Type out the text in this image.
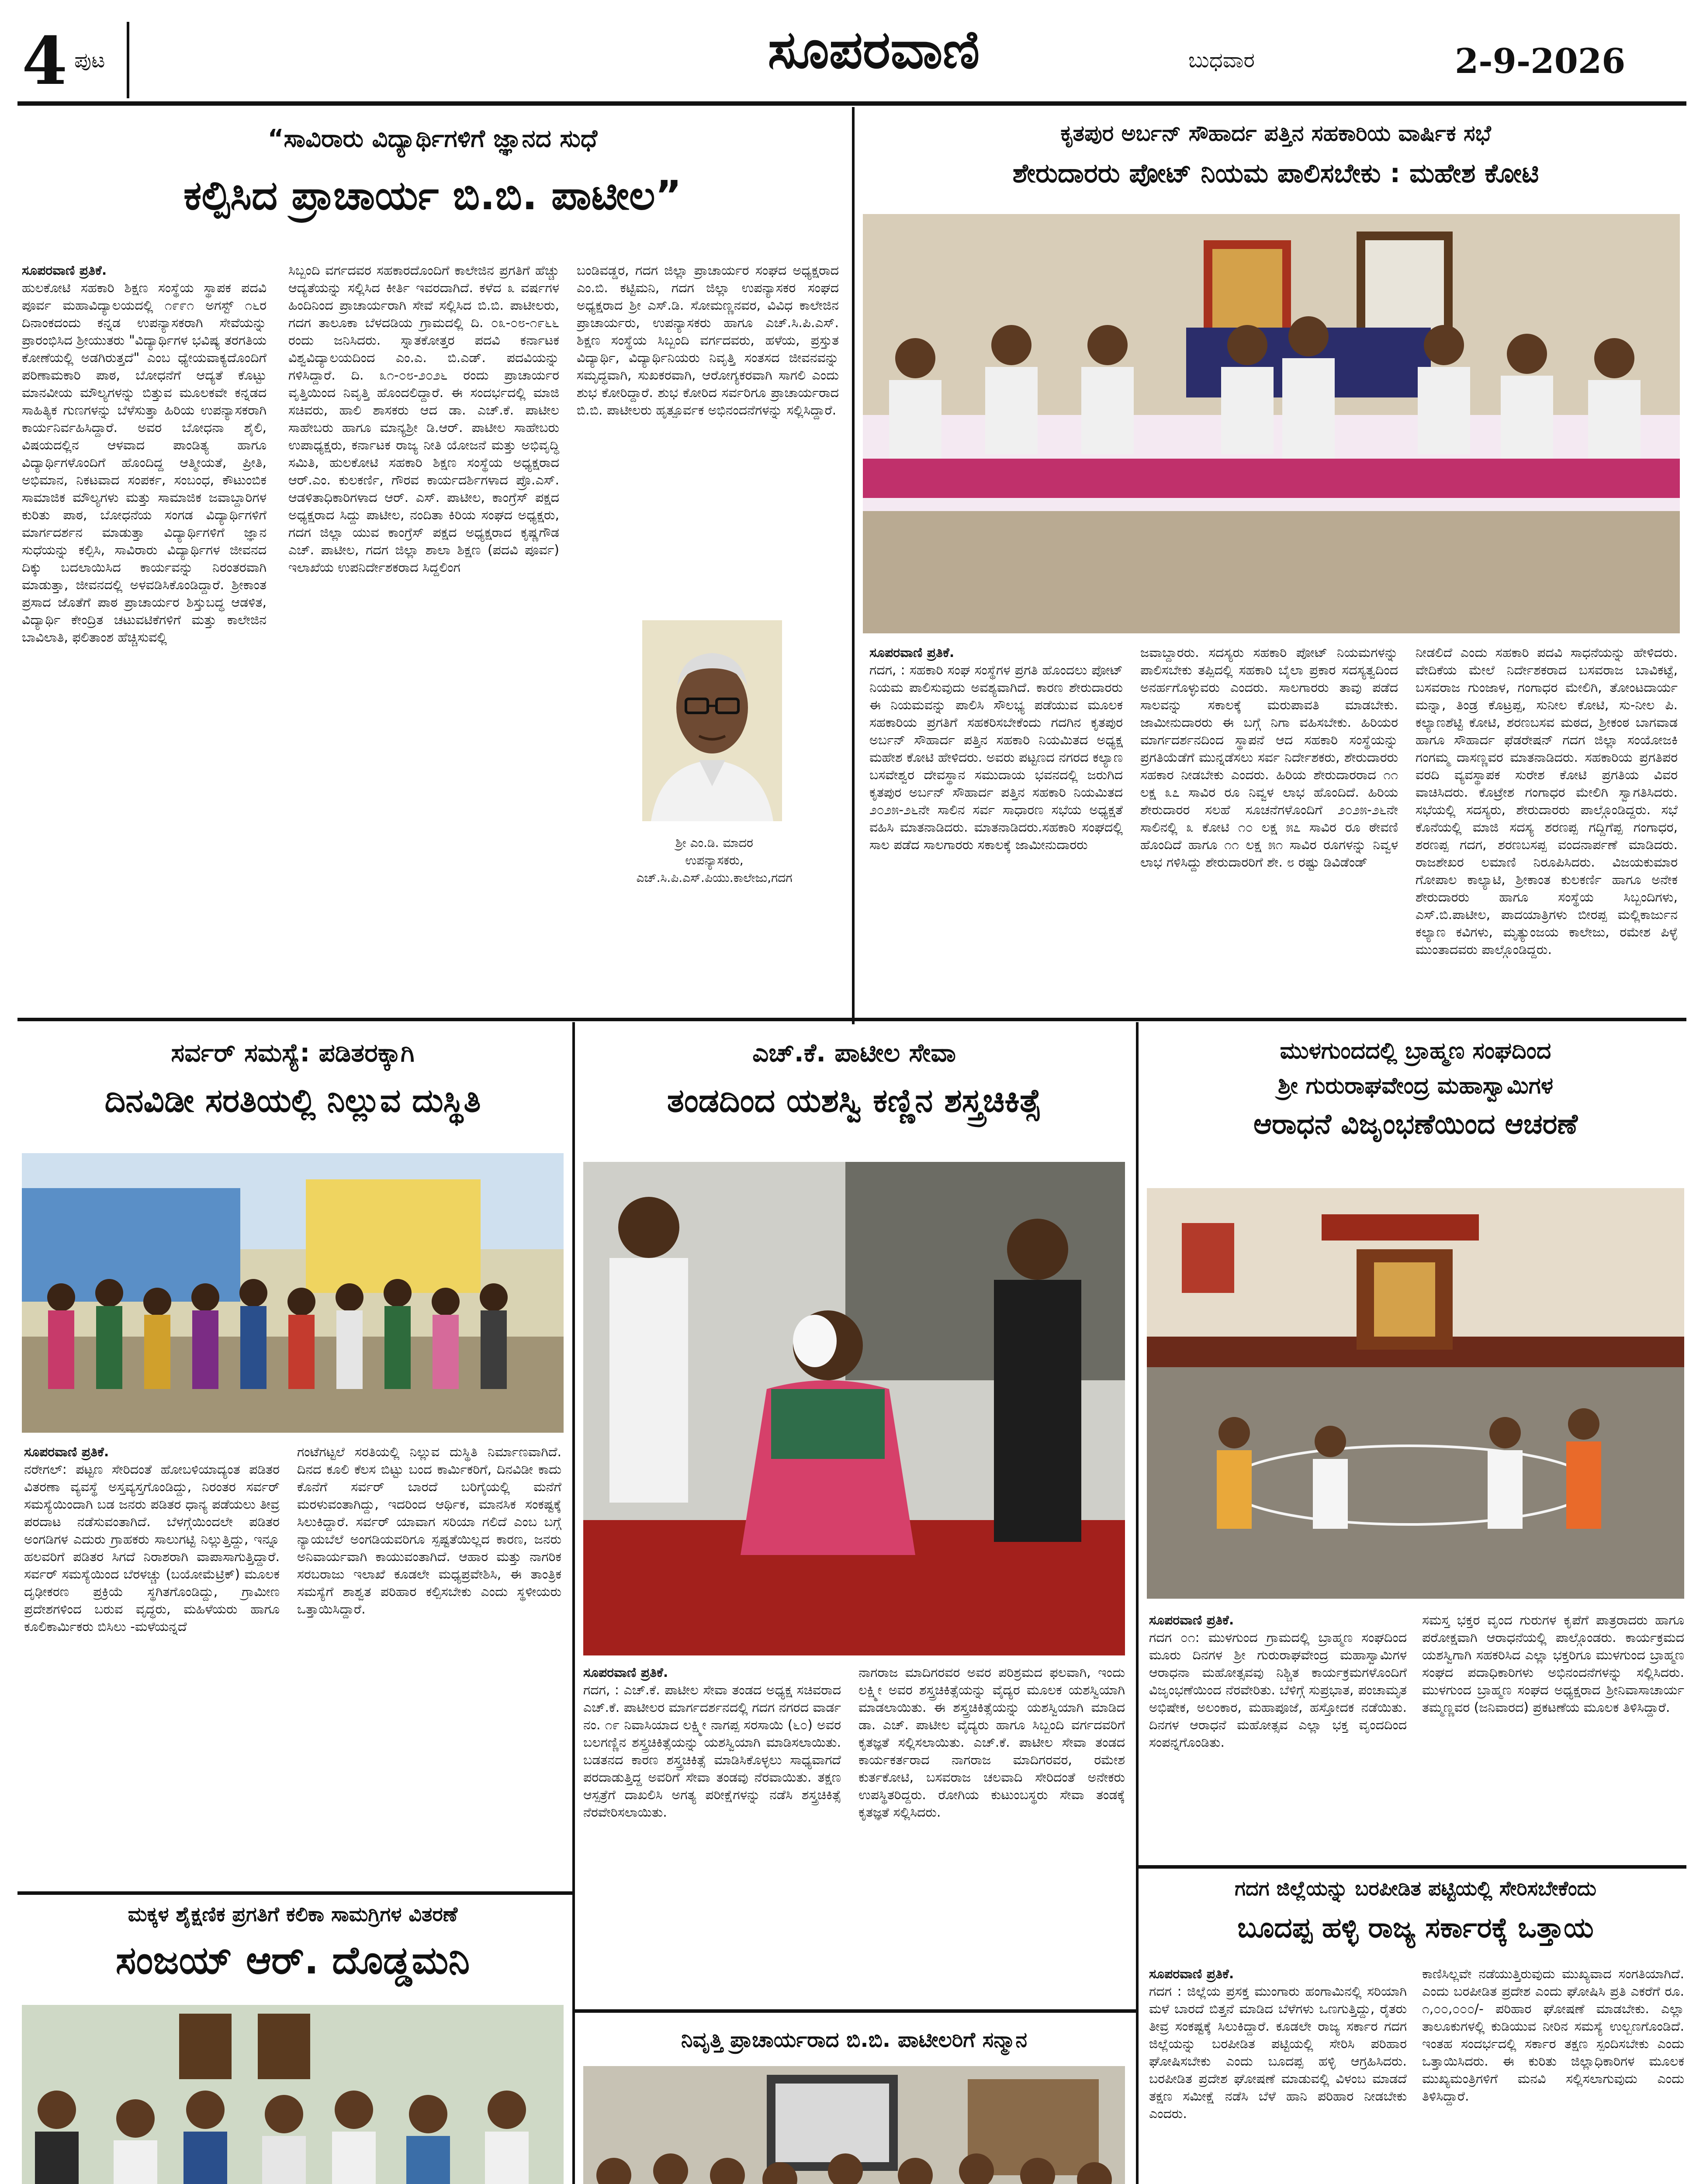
4 ಪುಟ	ಸೂಪರವಾಣಿ	ಬುಧವಾರ	2-9-2026
“ಸಾವಿರಾರು ವಿದ್ಯಾರ್ಥಿಗಳಿಗೆ ಜ್ಞಾನದ ಸುಧೆ
ಕಲ್ಪಿಸಿದ ಪ್ರಾಚಾರ್ಯ ಬಿ.ಬಿ. ಪಾಟೀಲ”
ಸೂಪರವಾಣಿ ಪ್ರತಿಕೆ.
ಹುಲಕೋಟಿ ಸಹಕಾರಿ ಶಿಕ್ಷಣ ಸಂಸ್ಥೆಯ ಸ್ಥಾಪಕ ಪದವಿ ಪೂರ್ವ ಮಹಾವಿದ್ಯಾಲಯದಲ್ಲಿ ೧೯೯೧ ಅಗಸ್ಟ್ ೧೬ರ ದಿನಾಂಕದಂದು ಕನ್ನಡ ಉಪನ್ಯಾಸಕರಾಗಿ ಸೇವೆಯನ್ನು ಪ್ರಾರಂಭಿಸಿದ ಶ್ರೀಯುತರು "ವಿದ್ಯಾರ್ಥಿಗಳ ಭವಿಷ್ಯ ತರಗತಿಯ ಕೋಣೆಯಲ್ಲಿ ಅಡಗಿರುತ್ತದೆ" ಎಂಬ ಧ್ಯೇಯವಾಕ್ಯದೊಂದಿಗೆ ಪರಿಣಾಮಕಾರಿ ಪಾಠ, ಬೋಧನೆಗೆ ಆದ್ಯತೆ ಕೊಟ್ಟು ಮಾನವೀಯ ಮೌಲ್ಯಗಳನ್ನು ಬಿತ್ತುವ ಮೂಲಕವೇ ಕನ್ನಡದ ಸಾಹಿತ್ಯಿಕ ಗುಣಗಳನ್ನು ಬೆಳೆಸುತ್ತಾ ಹಿರಿಯ ಉಪನ್ಯಾಸಕರಾಗಿ ಕಾರ್ಯನಿರ್ವಹಿಸಿದ್ದಾರೆ. ಅವರ ಬೋಧನಾ ಶೈಲಿ, ವಿಷಯದಲ್ಲಿನ ಆಳವಾದ ಪಾಂಡಿತ್ಯ ಹಾಗೂ ವಿದ್ಯಾರ್ಥಿಗಳೊಂದಿಗೆ ಹೊಂದಿದ್ದ ಆತ್ಮೀಯತೆ, ಪ್ರೀತಿ, ಅಭಿಮಾನ, ನಿಕಟವಾದ ಸಂಪರ್ಕ, ಸಂಬಂಧ, ಕೌಟುಂಬಿಕ ಸಾಮಾಜಿಕ ಮೌಲ್ಯಗಳು ಮತ್ತು ಸಾಮಾಜಿಕ ಜವಾಬ್ದಾರಿಗಳ ಕುರಿತು ಪಾಠ, ಬೋಧನೆಯ ಸಂಗಡ ವಿದ್ಯಾರ್ಥಿಗಳಿಗೆ ಮಾರ್ಗದರ್ಶನ ಮಾಡುತ್ತಾ ವಿದ್ಯಾರ್ಥಿಗಳಿಗೆ ಜ್ಞಾನ ಸುಧೆಯನ್ನು ಕಲ್ಪಿಸಿ, ಸಾವಿರಾರು ವಿದ್ಯಾರ್ಥಿಗಳ ಜೀವನದ ದಿಕ್ಕು ಬದಲಾಯಿಸಿದ ಕಾರ್ಯವನ್ನು ನಿರಂತರವಾಗಿ ಮಾಡುತ್ತಾ, ಜೀವನದಲ್ಲಿ ಅಳವಡಿಸಿಕೊಂಡಿದ್ದಾರೆ. ಶ್ರೀಕಾಂತ ಪ್ರಸಾದ ಜೊತೆಗೆ ಪಾಠ ಪ್ರಾಚಾರ್ಯರ ಶಿಸ್ತುಬದ್ಧ ಆಡಳಿತ, ವಿದ್ಯಾರ್ಥಿ ಕೇಂದ್ರಿತ ಚಟುವಟಿಕೆಗಳಿಗೆ ಮತ್ತು ಕಾಲೇಜಿನ ಬಾವಿಲಾತಿ, ಫಲಿತಾಂಶ ಹೆಚ್ಚಿಸುವಲ್ಲಿ
ಸಿಬ್ಬಂದಿ ವರ್ಗದವರ ಸಹಕಾರದೊಂದಿಗೆ ಕಾಲೇಜಿನ ಪ್ರಗತಿಗೆ ಹೆಚ್ಚು ಆದ್ಯತೆಯನ್ನು ಸಲ್ಲಿಸಿದ ಕೀರ್ತಿ ಇವರದಾಗಿದೆ. ಕಳೆದ ೩ ವರ್ಷಗಳ ಹಿಂದಿನಿಂದ ಪ್ರಾಚಾರ್ಯರಾಗಿ ಸೇವೆ ಸಲ್ಲಿಸಿದ ಬಿ.ಬಿ. ಪಾಟೀಲರು, ಗದಗ ತಾಲೂಕಾ ಬೆಳದಡಿಯ ಗ್ರಾಮದಲ್ಲಿ ದಿ. ೦೩-೦೮-೧೯೬೬ ರಂದು ಜನಿಸಿದರು. ಸ್ನಾತಕೋತ್ತರ ಪದವಿ ಕರ್ನಾಟಕ ವಿಶ್ವವಿದ್ಯಾಲಯದಿಂದ ಎಂ.ಎ. ಬಿ.ಎಡ್. ಪದವಿಯನ್ನು ಗಳಿಸಿದ್ದಾರೆ. ದಿ. ೩೧-೦೮-೨೦೨೬ ರಂದು ಪ್ರಾಚಾರ್ಯರ ವೃತ್ತಿಯಿಂದ ನಿವೃತ್ತಿ ಹೊಂದಲಿದ್ದಾರೆ. ಈ ಸಂದರ್ಭದಲ್ಲಿ ಮಾಜಿ ಸಚಿವರು, ಹಾಲಿ ಶಾಸಕರು ಆದ ಡಾ. ಎಚ್.ಕೆ. ಪಾಟೀಲ ಸಾಹೇಬರು ಹಾಗೂ ಮಾನ್ಯಶ್ರೀ ಡಿ.ಆರ್. ಪಾಟೀಲ ಸಾಹೇಬರು ಉಪಾಧ್ಯಕ್ಷರು, ಕರ್ನಾಟಕ ರಾಜ್ಯ ನೀತಿ ಯೋಜನೆ ಮತ್ತು ಅಭಿವೃದ್ಧಿ ಸಮಿತಿ, ಹುಲಕೋಟಿ ಸಹಕಾರಿ ಶಿಕ್ಷಣ ಸಂಸ್ಥೆಯ ಅಧ್ಯಕ್ಷರಾದ ಆರ್.ಎಂ. ಕುಲಕರ್ಣಿ, ಗೌರವ ಕಾರ್ಯದರ್ಶಿಗಳಾದ ಪ್ರೊ.ಎಸ್. ಆಡಳಿತಾಧಿಕಾರಿಗಳಾದ ಆರ್. ಎಸ್. ಪಾಟೀಲ, ಕಾಂಗ್ರೆಸ್ ಪಕ್ಷದ ಅಧ್ಯಕ್ಷರಾದ ಸಿದ್ದು ಪಾಟೀಲ, ನಂದಿತಾ ಕಿರಿಯ ಸಂಘದ ಅಧ್ಯಕ್ಷರು, ಗದಗ ಜಿಲ್ಲಾ ಯುವ ಕಾಂಗ್ರೆಸ್ ಪಕ್ಷದ ಅಧ್ಯಕ್ಷರಾದ ಕೃಷ್ಣಗೌಡ ಎಚ್. ಪಾಟೀಲ, ಗದಗ ಜಿಲ್ಲಾ ಶಾಲಾ ಶಿಕ್ಷಣ (ಪದವಿ ಪೂರ್ವ) ಇಲಾಖೆಯ ಉಪನಿರ್ದೇಶಕರಾದ ಸಿದ್ದಲಿಂಗ
ಬಂಡಿವಡ್ಡರ, ಗದಗ ಜಿಲ್ಲಾ ಪ್ರಾಚಾರ್ಯರ ಸಂಘದ ಅಧ್ಯಕ್ಷರಾದ ಎಂ.ಬಿ. ಕಟ್ಟಿಮನಿ, ಗದಗ ಜಿಲ್ಲಾ ಉಪನ್ಯಾಸಕರ ಸಂಘದ ಅಧ್ಯಕ್ಷರಾದ ಶ್ರೀ ಎಸ್.ಡಿ. ಸೋಮಣ್ಣನವರ, ವಿವಿಧ ಕಾಲೇಜಿನ ಪ್ರಾಚಾರ್ಯರು, ಉಪನ್ಯಾಸಕರು ಹಾಗೂ ಎಚ್.ಸಿ.ಪಿ.ಎಸ್. ಶಿಕ್ಷಣ ಸಂಸ್ಥೆಯ ಸಿಬ್ಬಂದಿ ವರ್ಗದವರು, ಹಳೆಯ, ಪ್ರಸ್ತುತ ವಿದ್ಯಾರ್ಥಿ, ವಿದ್ಯಾರ್ಥಿನಿಯರು ನಿವೃತ್ತಿ ಸಂತಸದ ಜೀವನವನ್ನು ಸಮೃದ್ಧವಾಗಿ, ಸುಖಕರವಾಗಿ, ಆರೋಗ್ಯಕರವಾಗಿ ಸಾಗಲಿ ಎಂದು ಶುಭ ಕೋರಿದ್ದಾರೆ. ಶುಭ ಕೋರಿದ ಸರ್ವರಿಗೂ ಪ್ರಾಚಾರ್ಯರಾದ ಬಿ.ಬಿ. ಪಾಟೀಲರು ಹೃತ್ಪೂರ್ವಕ ಅಭಿನಂದನೆಗಳನ್ನು ಸಲ್ಲಿಸಿದ್ದಾರೆ.
ಶ್ರೀ ಎಂ.ಡಿ. ಮಾದರ
ಉಪನ್ಯಾಸಕರು,
ಎಚ್.ಸಿ.ಪಿ.ಎಸ್.ಪಿಯು.ಕಾಲೇಜು,ಗದಗ
ಕೃತಪುರ ಅರ್ಬನ್ ಸೌಹಾರ್ದ ಪತ್ತಿನ ಸಹಕಾರಿಯ ವಾರ್ಷಿಕ ಸಭೆ
ಶೇರುದಾರರು ಪೋಟ್ ನಿಯಮ ಪಾಲಿಸಬೇಕು : ಮಹೇಶ ಕೋಟಿ
ಸೂಪರವಾಣಿ ಪ್ರತಿಕೆ.
ಗದಗ, : ಸಹಕಾರಿ ಸಂಘ ಸಂಸ್ಥೆಗಳ ಪ್ರಗತಿ ಹೊಂದಲು ಪೋಟ್ ನಿಯಮ ಪಾಲಿಸುವುದು ಅವಶ್ಯವಾಗಿದೆ. ಕಾರಣ ಶೇರುದಾರರು ಈ ನಿಯಮವನ್ನು ಪಾಲಿಸಿ ಸೌಲಭ್ಯ ಪಡೆಯುವ ಮೂಲಕ ಸಹಕಾರಿಯ ಪ್ರಗತಿಗೆ ಸಹಕರಿಸಬೇಕೆಂದು ಗದಗಿನ ಕೃತಪುರ ಅರ್ಬನ್ ಸೌಹಾರ್ದ ಪತ್ತಿನ ಸಹಕಾರಿ ನಿಯಮಿತದ ಅಧ್ಯಕ್ಷ ಮಹೇಶ ಕೋಟಿ ಹೇಳಿದರು. ಅವರು ಪಟ್ಟಣದ ನಗರದ ಕಲ್ಯಾಣ ಬಸವೇಶ್ವರ ದೇವಸ್ಥಾನ ಸಮುದಾಯ ಭವನದಲ್ಲಿ ಜರುಗಿದ ಕೃತಪುರ ಅರ್ಬನ್ ಸೌಹಾರ್ದ ಪತ್ತಿನ ಸಹಕಾರಿ ನಿಯಮಿತದ ೨೦೨೫-೨೬ನೇ ಸಾಲಿನ ಸರ್ವ ಸಾಧಾರಣ ಸಭೆಯ ಅಧ್ಯಕ್ಷತೆ ವಹಿಸಿ ಮಾತನಾಡಿದರು. ಮಾತನಾಡಿದರು.ಸಹಕಾರಿ ಸಂಘದಲ್ಲಿ ಸಾಲ ಪಡೆದ ಸಾಲಗಾರರು ಸಕಾಲಕ್ಕೆ ಜಾಮೀನುದಾರರು
ಜವಾಬ್ದಾರರು. ಸದಸ್ಯರು ಸಹಕಾರಿ ಪೋಟ್ ನಿಯಮಗಳನ್ನು ಪಾಲಿಸಬೇಕು ತಪ್ಪಿದಲ್ಲಿ ಸಹಕಾರಿ ಬೈಲಾ ಪ್ರಕಾರ ಸದಸ್ಯತ್ವದಿಂದ ಅನರ್ಹಗೊಳ್ಳುವರು ಎಂದರು. ಸಾಲಗಾರರು ತಾವು ಪಡೆದ ಸಾಲವನ್ನು ಸಕಾಲಕ್ಕೆ ಮರುಪಾವತಿ ಮಾಡಬೇಕು. ಜಾಮೀನುದಾರರು ಈ ಬಗ್ಗೆ ನಿಗಾ ವಹಿಸಬೇಕು. ಹಿರಿಯರ ಮಾರ್ಗದರ್ಶನದಿಂದ ಸ್ಥಾಪನೆ ಆದ ಸಹಕಾರಿ ಸಂಸ್ಥೆಯನ್ನು ಪ್ರಗತಿಯೆಡೆಗೆ ಮುನ್ನಡೆಸಲು ಸರ್ವ ನಿರ್ದೇಶಕರು, ಶೇರುದಾರರು ಸಹಕಾರ ನೀಡಬೇಕು ಎಂದರು. ಹಿರಿಯ ಶೇರುದಾರರಾದ ೧೧ ಲಕ್ಷ ೩೭ ಸಾವಿರ ರೂ ನಿವ್ವಳ ಲಾಭ ಹೊಂದಿದೆ. ಹಿರಿಯ ಶೇರುದಾರರ ಸಲಹೆ ಸೂಚನೆಗಳೊಂದಿಗೆ ೨೦೨೫-೨೬ನೇ ಸಾಲಿನಲ್ಲಿ ೩ ಕೋಟಿ ೧೦ ಲಕ್ಷ ೫೭ ಸಾವಿರ ರೂ ಠೇವಣಿ ಹೊಂದಿದೆ ಹಾಗೂ ೧೧ ಲಕ್ಷ ೫೧ ಸಾವಿರ ರೂಗಳನ್ನು ನಿವ್ವಳ ಲಾಭ ಗಳಿಸಿದ್ದು ಶೇರುದಾರರಿಗೆ ಶೇ. ೮ ರಷ್ಟು ಡಿವಿಡೆಂಡ್
ನೀಡಲಿದೆ ಎಂದು ಸಹಕಾರಿ ಪದವಿ ಸಾಧನೆಯನ್ನು ಹೇಳಿದರು. ವೇದಿಕೆಯ ಮೇಲೆ ನಿರ್ದೇಶಕರಾದ ಬಸವರಾಜ ಬಾವಿಕಟ್ಟೆ, ಬಸವರಾಜ ಗುಂಜಾಳ, ಗಂಗಾಧರ ಮೇಲಿಗಿ, ತೋಂಟದಾರ್ಯ ಮನ್ನಾ, ತಿಂಡ್ರ ಕೊಟ್ರಪ್ಪ, ಸುನೀಲ ಕೋಟಿ, ಸು-ನೀಲ ಪಿ. ಕಲ್ಯಾಣಶೆಟ್ಟಿ ಕೋಟಿ, ಶರಣಬಸವ ಮಠದ, ಶ್ರೀಕಂಠ ಬಾಗವಾಡ ಹಾಗೂ ಸೌಹಾರ್ದ ಫೆಡರೇಷನ್ ಗದಗ ಜಿಲ್ಲಾ ಸಂಯೋಜಕಿ ಗಂಗಮ್ಮ ದಾಸಣ್ಣವರ ಮಾತನಾಡಿದರು. ಸಹಕಾರಿಯ ಪ್ರಗತಿಪರ ವರದಿ ವ್ಯವಸ್ಥಾಪಕ ಸುರೇಶ ಕೋಟಿ ಪ್ರಗತಿಯ ವಿವರ ವಾಚಿಸಿದರು. ಕೊಟ್ರೇಶ ಗಂಗಾಧರ ಮೇಲಿಗಿ ಸ್ವಾಗತಿಸಿದರು. ಸಭೆಯಲ್ಲಿ ಸದಸ್ಯರು, ಶೇರುದಾರರು ಪಾಲ್ಗೊಂಡಿದ್ದರು. ಸಭೆ ಕೊನೆಯಲ್ಲಿ ಮಾಜಿ ಸದಸ್ಯ ಶರಣಪ್ಪ ಗದ್ದಿಗೆಪ್ಪ ಗಂಗಾಧರ, ಶರಣಪ್ಪ ಗದಗ, ಶರಣಬಸಪ್ಪ ವಂದನಾರ್ಪಣೆ ಮಾಡಿದರು. ರಾಜಶೇಖರ ಲಮಾಣಿ ನಿರೂಪಿಸಿದರು. ವಿಜಯಕುಮಾರ ಗೋಪಾಲ ಕಾಲ್ಯಾಟಿ, ಶ್ರೀಕಾಂತ ಕುಲಕರ್ಣಿ ಹಾಗೂ ಅನೇಕ ಶೇರುದಾರರು ಹಾಗೂ ಸಂಸ್ಥೆಯ ಸಿಬ್ಬಂದಿಗಳು, ಎಸ್.ಬಿ.ಪಾಟೀಲ, ಪಾದಯಾತ್ರಿಗಳು ಬೀರಪ್ಪ ಮಲ್ಲಿಕಾರ್ಜುನ ಕಲ್ಯಾಣ ಕವಿಗಳು, ಮೃತ್ಯುಂಜಯ ಕಾಲೇಜು, ರಮೇಶ ಪಿಳ್ಳೆ ಮುಂತಾದವರು ಪಾಲ್ಗೊಂಡಿದ್ದರು.
ಸರ್ವರ್ ಸಮಸ್ಯೆ: ಪಡಿತರಕ್ಕಾಗಿ
ದಿನವಿಡೀ ಸರತಿಯಲ್ಲಿ ನಿಲ್ಲುವ ದುಸ್ಥಿತಿ
ಸೂಪರವಾಣಿ ಪ್ರತಿಕೆ.
ನರೇಗಲ್: ಪಟ್ಟಣ ಸೇರಿದಂತೆ ಹೋಬಳಿಯಾದ್ಯಂತ ಪಡಿತರ ವಿತರಣಾ ವ್ಯವಸ್ಥೆ ಅಸ್ತವ್ಯಸ್ತಗೊಂಡಿದ್ದು, ನಿರಂತರ ಸರ್ವರ್ ಸಮಸ್ಯೆಯಿಂದಾಗಿ ಬಡ ಜನರು ಪಡಿತರ ಧಾನ್ಯ ಪಡೆಯಲು ತೀವ್ರ ಪರದಾಟ ನಡೆಸುವಂತಾಗಿದೆ. ಬೆಳಗ್ಗೆಯಿಂದಲೇ ಪಡಿತರ ಅಂಗಡಿಗಳ ಎದುರು ಗ್ರಾಹಕರು ಸಾಲುಗಟ್ಟಿ ನಿಲ್ಲುತ್ತಿದ್ದು, ಇನ್ನೂ ಹಲವರಿಗೆ ಪಡಿತರ ಸಿಗದೆ ನಿರಾಶರಾಗಿ ವಾಪಾಸಾಗುತ್ತಿದ್ದಾರೆ. ಸರ್ವರ್ ಸಮಸ್ಯೆಯಿಂದ ಬೆರಳಚ್ಚು (ಬಯೋಮೆಟ್ರಿಕ್) ಮೂಲಕ ದೃಢೀಕರಣ ಪ್ರಕ್ರಿಯೆ ಸ್ಥಗಿತಗೊಂಡಿದ್ದು, ಗ್ರಾಮೀಣ ಪ್ರದೇಶಗಳಿಂದ ಬರುವ ವೃದ್ಧರು, ಮಹಿಳೆಯರು ಹಾಗೂ ಕೂಲಿಕಾರ್ಮಿಕರು ಬಿಸಿಲು -ಮಳೆಯನ್ನದೆ
ಗಂಟೆಗಟ್ಟಲೆ ಸರತಿಯಲ್ಲಿ ನಿಲ್ಲುವ ದುಸ್ಥಿತಿ ನಿರ್ಮಾಣವಾಗಿದೆ. ದಿನದ ಕೂಲಿ ಕೆಲಸ ಬಿಟ್ಟು ಬಂದ ಕಾರ್ಮಿಕರಿಗೆ, ದಿನವಿಡೀ ಕಾದು ಕೊನೆಗೆ ಸರ್ವರ್ ಬಾರದೆ ಬರಿಗೈಯಲ್ಲಿ ಮನೆಗೆ ಮರಳುವಂತಾಗಿದ್ದು, ಇದರಿಂದ ಆರ್ಥಿಕ, ಮಾನಸಿಕ ಸಂಕಷ್ಟಕ್ಕೆ ಸಿಲುಕಿದ್ದಾರೆ. ಸರ್ವರ್ ಯಾವಾಗ ಸರಿಯಾ ಗಲಿದೆ ಎಂಬ ಬಗ್ಗೆ ನ್ಯಾಯಬೆಲೆ ಅಂಗಡಿಯವರಿಗೂ ಸ್ಪಷ್ಟತೆಯಿಲ್ಲದ ಕಾರಣ, ಜನರು ಅನಿವಾರ್ಯವಾಗಿ ಕಾಯುವಂತಾಗಿದೆ. ಆಹಾರ ಮತ್ತು ನಾಗರಿಕ ಸರಬರಾಜು ಇಲಾಖೆ ಕೂಡಲೇ ಮಧ್ಯಪ್ರವೇಶಿಸಿ, ಈ ತಾಂತ್ರಿಕ ಸಮಸ್ಯೆಗೆ ಶಾಶ್ವತ ಪರಿಹಾರ ಕಲ್ಪಿಸಬೇಕು ಎಂದು ಸ್ಥಳೀಯರು ಒತ್ತಾಯಿಸಿದ್ದಾರೆ.
ಮಕ್ಕಳ ಶೈಕ್ಷಣಿಕ ಪ್ರಗತಿಗೆ ಕಲಿಕಾ ಸಾಮಗ್ರಿಗಳ ವಿತರಣೆ
ಸಂಜಯ್ ಆರ್. ದೊಡ್ಡಮನಿ
ಎಚ್.ಕೆ. ಪಾಟೀಲ ಸೇವಾ
ತಂಡದಿಂದ ಯಶಸ್ವಿ ಕಣ್ಣಿನ ಶಸ್ತ್ರಚಿಕಿತ್ಸೆ
ಸೂಪರವಾಣಿ ಪ್ರತಿಕೆ.
ಗದಗ, : ಎಚ್.ಕೆ. ಪಾಟೀಲ ಸೇವಾ ತಂಡದ ಅಧ್ಯಕ್ಷ ಸಚಿವರಾದ ಎಚ್.ಕೆ. ಪಾಟೀಲರ ಮಾರ್ಗದರ್ಶನದಲ್ಲಿ ಗದಗ ನಗರದ ವಾರ್ಡ ನಂ. ೧೯ ನಿವಾಸಿಯಾದ ಲಕ್ಷ್ಮೀ ನಾಗಪ್ಪ ಸರಸಾಯಿ (೬೦) ಅವರ ಬಲಗಣ್ಣಿನ ಶಸ್ತ್ರಚಿಕಿತ್ಸೆಯನ್ನು ಯಶಸ್ವಿಯಾಗಿ ಮಾಡಿಸಲಾಯಿತು. ಬಡತನದ ಕಾರಣ ಶಸ್ತ್ರಚಿಕಿತ್ಸೆ ಮಾಡಿಸಿಕೊಳ್ಳಲು ಸಾಧ್ಯವಾಗದೆ ಪರದಾಡುತ್ತಿದ್ದ ಅವರಿಗೆ ಸೇವಾ ತಂಡವು ನೆರವಾಯಿತು. ತಕ್ಷಣ ಆಸ್ಪತ್ರೆಗೆ ದಾಖಲಿಸಿ ಅಗತ್ಯ ಪರೀಕ್ಷೆಗಳನ್ನು ನಡೆಸಿ ಶಸ್ತ್ರಚಿಕಿತ್ಸೆ ನೆರವೇರಿಸಲಾಯಿತು.
ನಾಗರಾಜ ಮಾದಿಗರವರ ಅವರ ಪರಿಶ್ರಮದ ಫಲವಾಗಿ, ಇಂದು ಲಕ್ಷ್ಮೀ ಅವರ ಶಸ್ತ್ರಚಿಕಿತ್ಸೆಯನ್ನು ವೈದ್ಯರ ಮೂಲಕ ಯಶಸ್ವಿಯಾಗಿ ಮಾಡಲಾಯಿತು. ಈ ಶಸ್ತ್ರಚಿಕಿತ್ಸೆಯನ್ನು ಯಶಸ್ವಿಯಾಗಿ ಮಾಡಿದ ಡಾ. ಎಚ್. ಪಾಟೀಲ ವೈದ್ಯರು ಹಾಗೂ ಸಿಬ್ಬಂದಿ ವರ್ಗದವರಿಗೆ ಕೃತಜ್ಞತೆ ಸಲ್ಲಿಸಲಾಯಿತು. ಎಚ್.ಕೆ. ಪಾಟೀಲ ಸೇವಾ ತಂಡದ ಕಾರ್ಯಕರ್ತರಾದ ನಾಗರಾಜ ಮಾದಿಗರವರ, ರಮೇಶ ಕುರ್ತಕೋಟಿ, ಬಸವರಾಜ ಚಲವಾದಿ ಸೇರಿದಂತೆ ಅನೇಕರು ಉಪಸ್ಥಿತರಿದ್ದರು. ರೋಗಿಯ ಕುಟುಂಬಸ್ಥರು ಸೇವಾ ತಂಡಕ್ಕೆ ಕೃತಜ್ಞತೆ ಸಲ್ಲಿಸಿದರು.
ನಿವೃತ್ತಿ ಪ್ರಾಚಾರ್ಯರಾದ ಬಿ.ಬಿ. ಪಾಟೀಲರಿಗೆ ಸನ್ಮಾನ
ಮುಳಗುಂದದಲ್ಲಿ ಬ್ರಾಹ್ಮಣ ಸಂಘದಿಂದ
ಶ್ರೀ ಗುರುರಾಘವೇಂದ್ರ ಮಹಾಸ್ವಾಮಿಗಳ
ಆರಾಧನೆ ವಿಜೃಂಭಣೆಯಿಂದ ಆಚರಣೆ
ಸೂಪರವಾಣಿ ಪ್ರತಿಕೆ.
ಗದಗ ೦೧: ಮುಳಗುಂದ ಗ್ರಾಮದಲ್ಲಿ ಬ್ರಾಹ್ಮಣ ಸಂಘದಿಂದ ಮೂರು ದಿನಗಳ ಶ್ರೀ ಗುರುರಾಘವೇಂದ್ರ ಮಹಾಸ್ವಾಮಿಗಳ ಆರಾಧನಾ ಮಹೋತ್ಸವವು ನಿಶ್ಚಿತ ಕಾರ್ಯಕ್ರಮಗಳೊಂದಿಗೆ ವಿಜೃಂಭಣೆಯಿಂದ ನೆರವೇರಿತು. ಬೆಳಿಗ್ಗೆ ಸುಪ್ರಭಾತ, ಪಂಚಾಮೃತ ಅಭಿಷೇಕ, ಅಲಂಕಾರ, ಮಹಾಪೂಜೆ, ಹಸ್ತೋದಕ ನಡೆಯಿತು. ದಿನಗಳ ಆರಾಧನೆ ಮಹೋತ್ಸವ ಎಲ್ಲಾ ಭಕ್ತ ವೃಂದದಿಂದ ಸಂಪನ್ನಗೊಂಡಿತು.
ಸಮಸ್ತ ಭಕ್ತರ ವೃಂದ ಗುರುಗಳ ಕೃಪೆಗೆ ಪಾತ್ರರಾದರು ಹಾಗೂ ಪರೋಕ್ಷವಾಗಿ ಆರಾಧನೆಯಲ್ಲಿ ಪಾಲ್ಗೊಂಡರು. ಕಾರ್ಯಕ್ರಮದ ಯಶಸ್ವಿಗಾಗಿ ಸಹಕರಿಸಿದ ಎಲ್ಲಾ ಭಕ್ತರಿಗೂ ಮುಳಗುಂದ ಬ್ರಾಹ್ಮಣ ಸಂಘದ ಪದಾಧಿಕಾರಿಗಳು ಅಭಿನಂದನೆಗಳನ್ನು ಸಲ್ಲಿಸಿದರು. ಮುಳಗುಂದ ಬ್ರಾಹ್ಮಣ ಸಂಘದ ಅಧ್ಯಕ್ಷರಾದ ಶ್ರೀನಿವಾಸಾಚಾರ್ಯ ತಮ್ಮಣ್ಣವರ (ಜನಿವಾರದ) ಪ್ರಕಟಣೆಯ ಮೂಲಕ ತಿಳಿಸಿದ್ದಾರೆ.
ಗದಗ ಜಿಲ್ಲೆಯನ್ನು ಬರಪೀಡಿತ ಪಟ್ಟಿಯಲ್ಲಿ ಸೇರಿಸಬೇಕೆಂದು
ಬೂದಪ್ಪ ಹಳ್ಳಿ ರಾಜ್ಯ ಸರ್ಕಾರಕ್ಕೆ ಒತ್ತಾಯ
ಸೂಪರವಾಣಿ ಪ್ರತಿಕೆ.
ಗದಗ : ಜಿಲ್ಲೆಯ ಪ್ರಸಕ್ತ ಮುಂಗಾರು ಹಂಗಾಮಿನಲ್ಲಿ ಸರಿಯಾಗಿ ಮಳೆ ಬಾರದೆ ಬಿತ್ತನೆ ಮಾಡಿದ ಬೆಳೆಗಳು ಒಣಗುತ್ತಿದ್ದು, ರೈತರು ತೀವ್ರ ಸಂಕಷ್ಟಕ್ಕೆ ಸಿಲುಕಿದ್ದಾರೆ. ಕೂಡಲೇ ರಾಜ್ಯ ಸರ್ಕಾರ ಗದಗ ಜಿಲ್ಲೆಯನ್ನು ಬರಪೀಡಿತ ಪಟ್ಟಿಯಲ್ಲಿ ಸೇರಿಸಿ ಪರಿಹಾರ ಘೋಷಿಸಬೇಕು ಎಂದು ಬೂದಪ್ಪ ಹಳ್ಳಿ ಆಗ್ರಹಿಸಿದರು. ಬರಪೀಡಿತ ಪ್ರದೇಶ ಘೋಷಣೆ ಮಾಡುವಲ್ಲಿ ವಿಳಂಬ ಮಾಡದೆ ತಕ್ಷಣ ಸಮೀಕ್ಷೆ ನಡೆಸಿ ಬೆಳೆ ಹಾನಿ ಪರಿಹಾರ ನೀಡಬೇಕು ಎಂದರು.
ಕಾಣಿಸಿಲ್ಲವೇ ನಡೆಯುತ್ತಿರುವುದು ಮುಖ್ಯವಾದ ಸಂಗತಿಯಾಗಿದೆ. ಎಂದು ಬರಪೀಡಿತ ಪ್ರದೇಶ ಎಂದು ಘೋಷಿಸಿ ಪ್ರತಿ ಎಕರೆಗೆ ರೂ. ೧,೦೦,೦೦೦/- ಪರಿಹಾರ ಘೋಷಣೆ ಮಾಡಬೇಕು. ಎಲ್ಲಾ ತಾಲೂಕುಗಳಲ್ಲಿ ಕುಡಿಯುವ ನೀರಿನ ಸಮಸ್ಯೆ ಉಲ್ಬಣಗೊಂಡಿದೆ. ಇಂತಹ ಸಂದರ್ಭದಲ್ಲಿ ಸರ್ಕಾರ ತಕ್ಷಣ ಸ್ಪಂದಿಸಬೇಕು ಎಂದು ಒತ್ತಾಯಿಸಿದರು. ಈ ಕುರಿತು ಜಿಲ್ಲಾಧಿಕಾರಿಗಳ ಮೂಲಕ ಮುಖ್ಯಮಂತ್ರಿಗಳಿಗೆ ಮನವಿ ಸಲ್ಲಿಸಲಾಗುವುದು ಎಂದು ತಿಳಿಸಿದ್ದಾರೆ.
